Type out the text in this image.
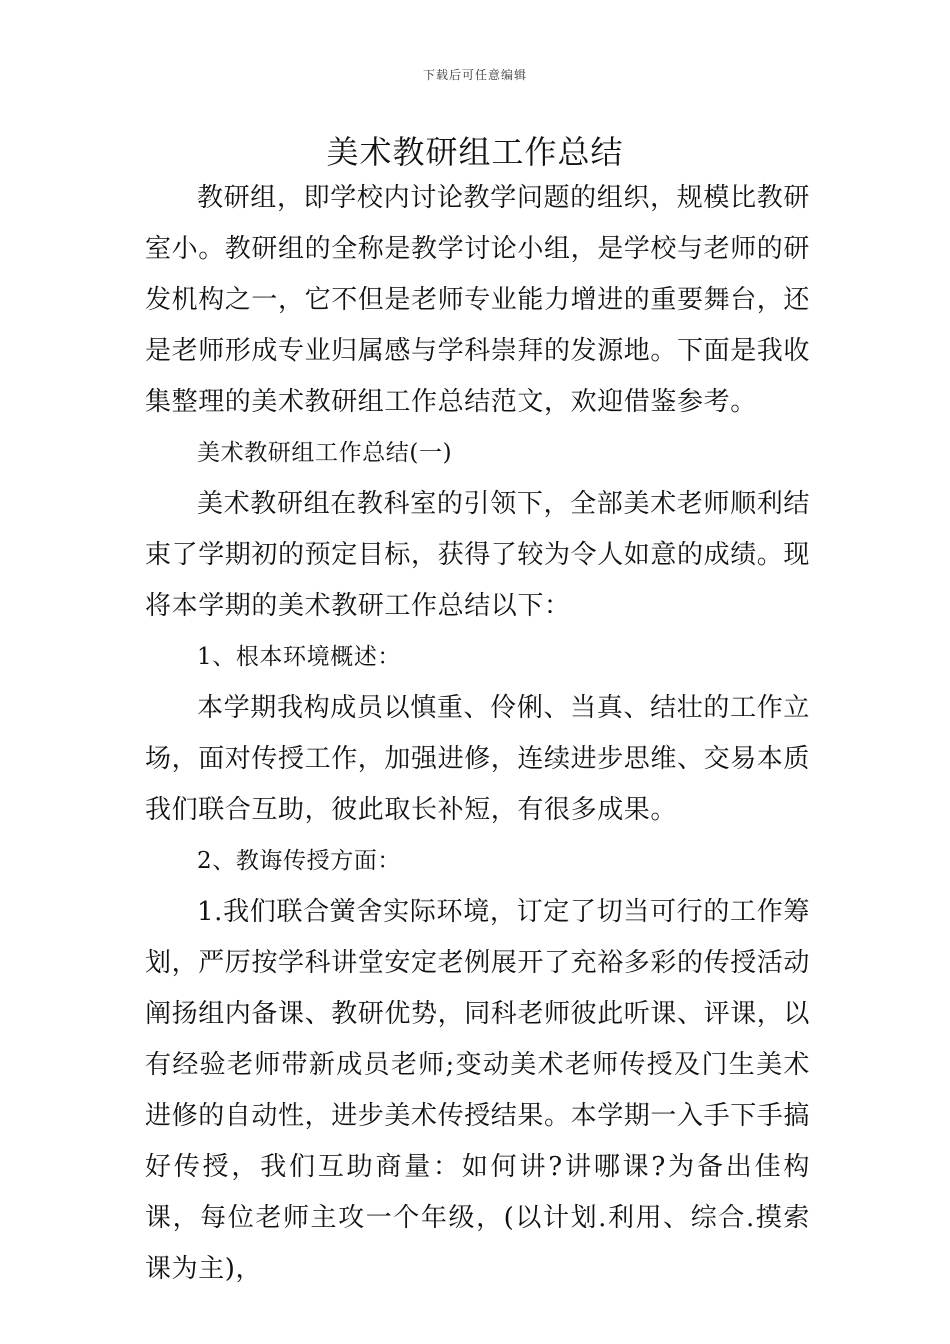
下载后可任意编辑
美术教研组工作总结

教研组，即学校内讨论教学问题的组织，规模比教研室小。教研组的全称是教学讨论小组，是学校与老师的研发机构之一，它不但是老师专业能力增进的重要舞台，还是老师形成专业归属感与学科崇拜的发源地。下面是我收集整理的美术教研组工作总结范文，欢迎借鉴参考。

美术教研组工作总结(一)

美术教研组在教科室的引领下，全部美术老师顺利结束了学期初的预定目标，获得了较为令人如意的成绩。现将本学期的美术教研工作总结以下：

1、根本环境概述：

本学期我构成员以慎重、伶俐、当真、结壮的工作立场，面对传授工作，加强进修，连续进步思维、交易本质我们联合互助，彼此取长补短，有很多成果。

2、教诲传授方面：

1.我们联合黉舍实际环境，订定了切当可行的工作筹划，严厉按学科讲堂安定老例展开了充裕多彩的传授活动阐扬组内备课、教研优势，同科老师彼此听课、评课，以有经验老师带新成员老师;变动美术老师传授及门生美术进修的自动性，进步美术传授结果。本学期一入手下手搞好传授，我们互助商量：如何讲?讲哪课?为备出佳构课，每位老师主攻一个年级，(以计划.利用、综合.摸索课为主)，
